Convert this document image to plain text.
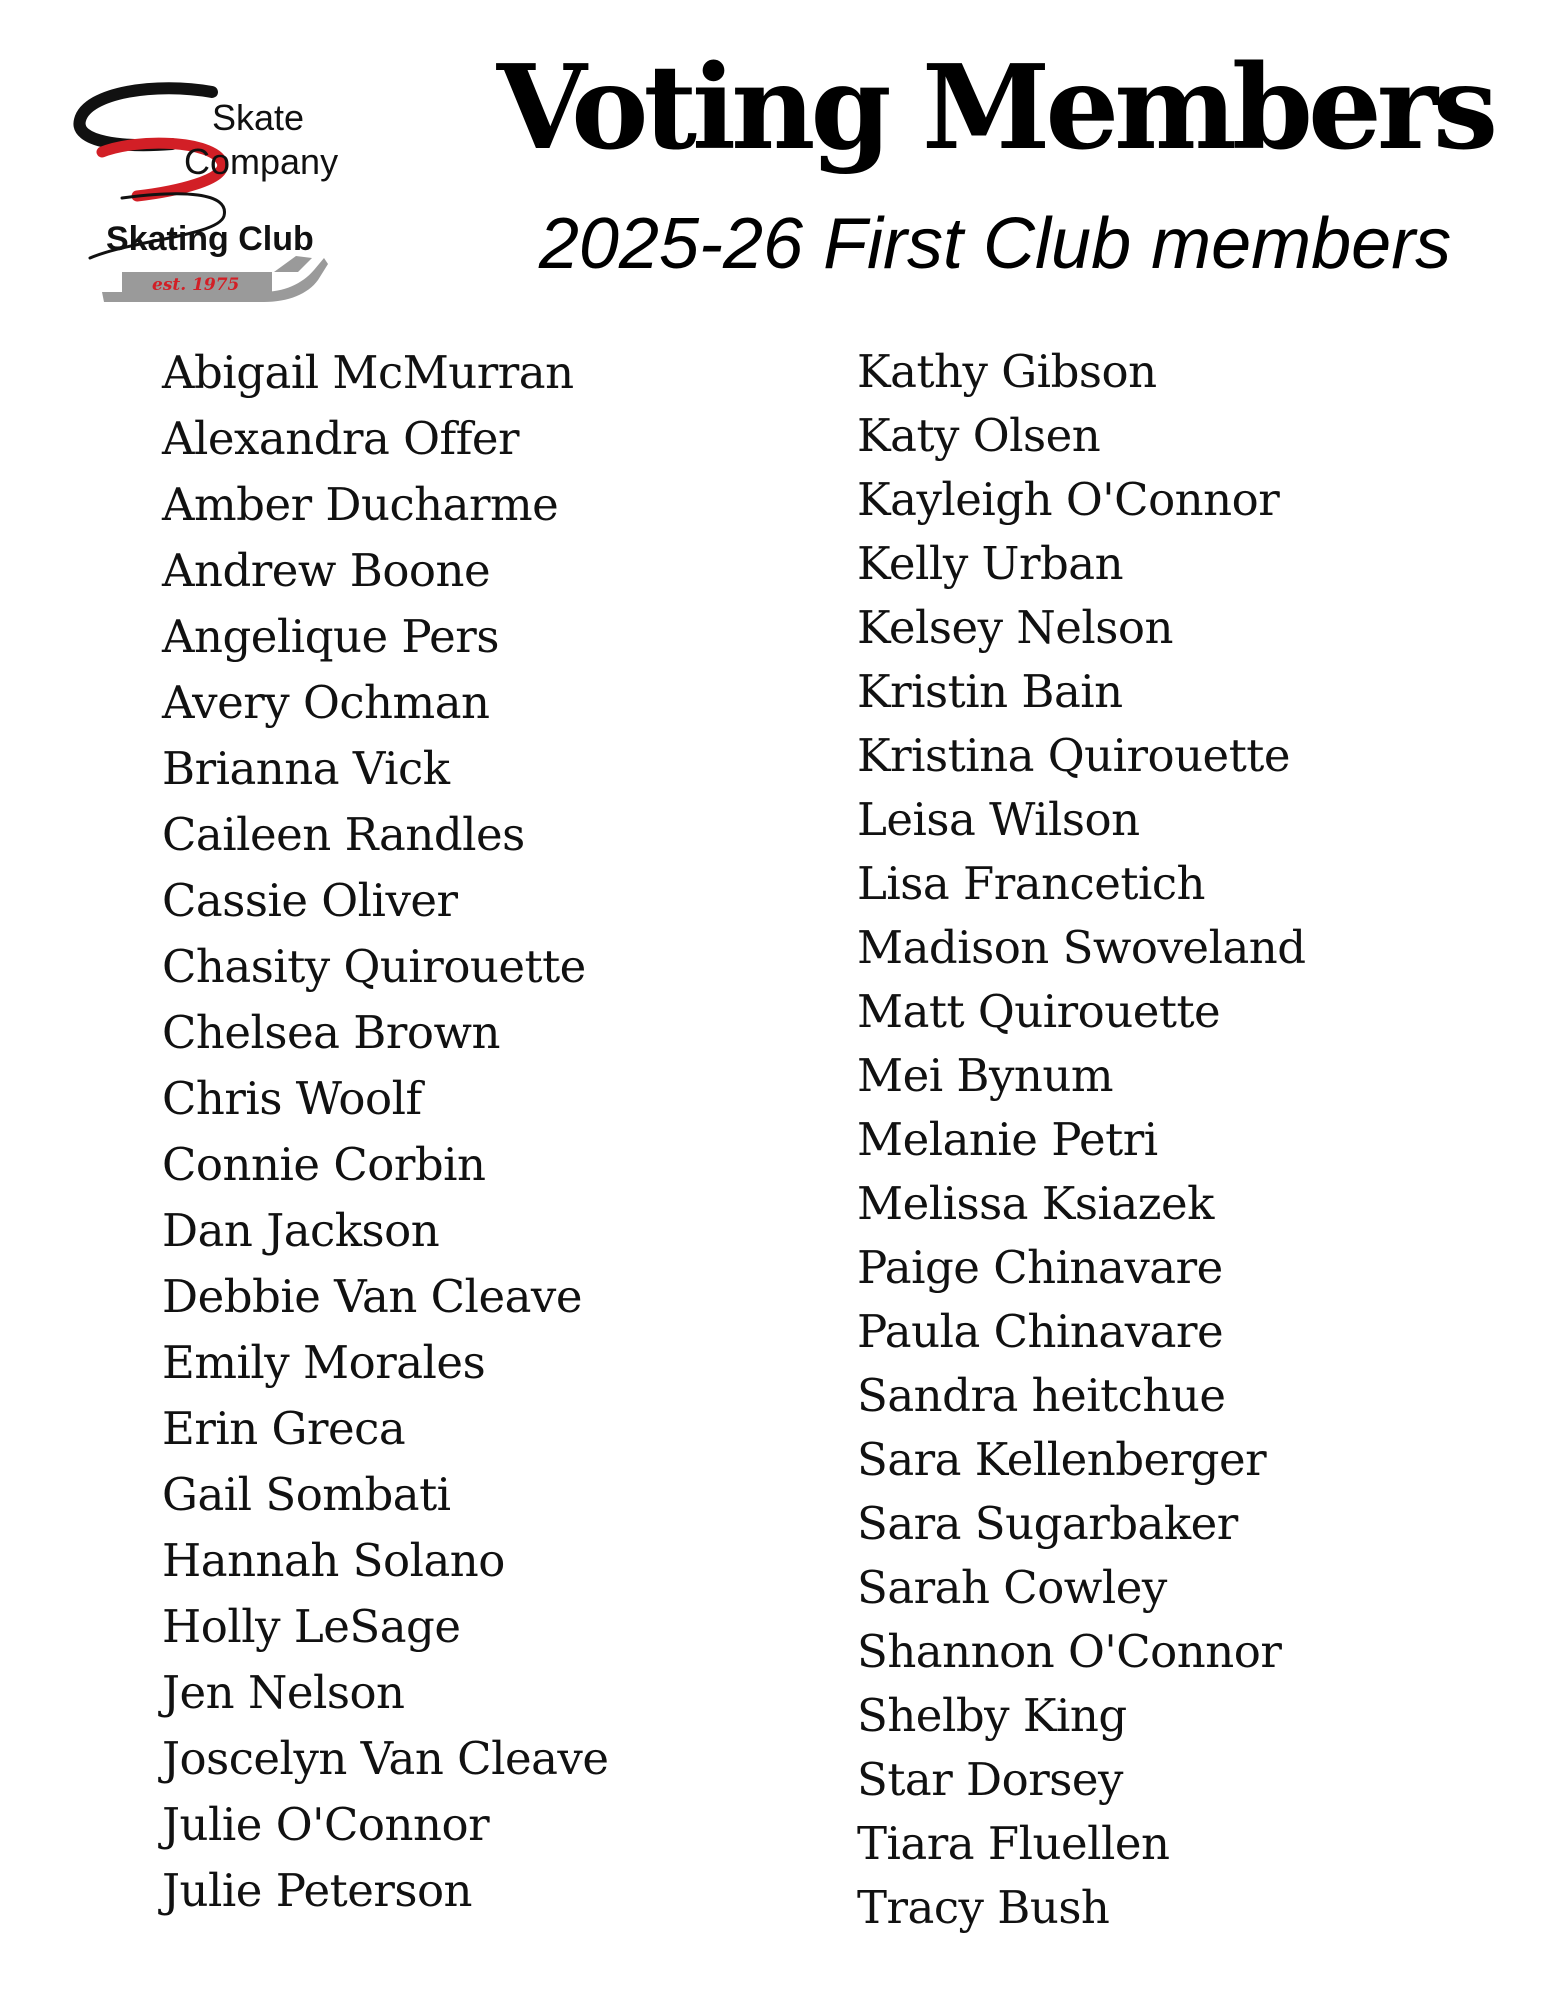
Skate
Company
Skating Club
est. 1975
Voting Members
2025-26 First Club members
Abigail McMurran
Alexandra Offer
Amber Ducharme
Andrew Boone
Angelique Pers
Avery Ochman
Brianna Vick
Caileen Randles
Cassie Oliver
Chasity Quirouette
Chelsea Brown
Chris Woolf
Connie Corbin
Dan Jackson
Debbie Van Cleave
Emily Morales
Erin Greca
Gail Sombati
Hannah Solano
Holly LeSage
Jen Nelson
Joscelyn Van Cleave
Julie O'Connor
Julie Peterson
Kathy Gibson
Katy Olsen
Kayleigh O'Connor
Kelly Urban
Kelsey Nelson
Kristin Bain
Kristina Quirouette
Leisa Wilson
Lisa Francetich
Madison Swoveland
Matt Quirouette
Mei Bynum
Melanie Petri
Melissa Ksiazek
Paige Chinavare
Paula Chinavare
Sandra heitchue
Sara Kellenberger
Sara Sugarbaker
Sarah Cowley
Shannon O'Connor
Shelby King
Star Dorsey
Tiara Fluellen
Tracy Bush
